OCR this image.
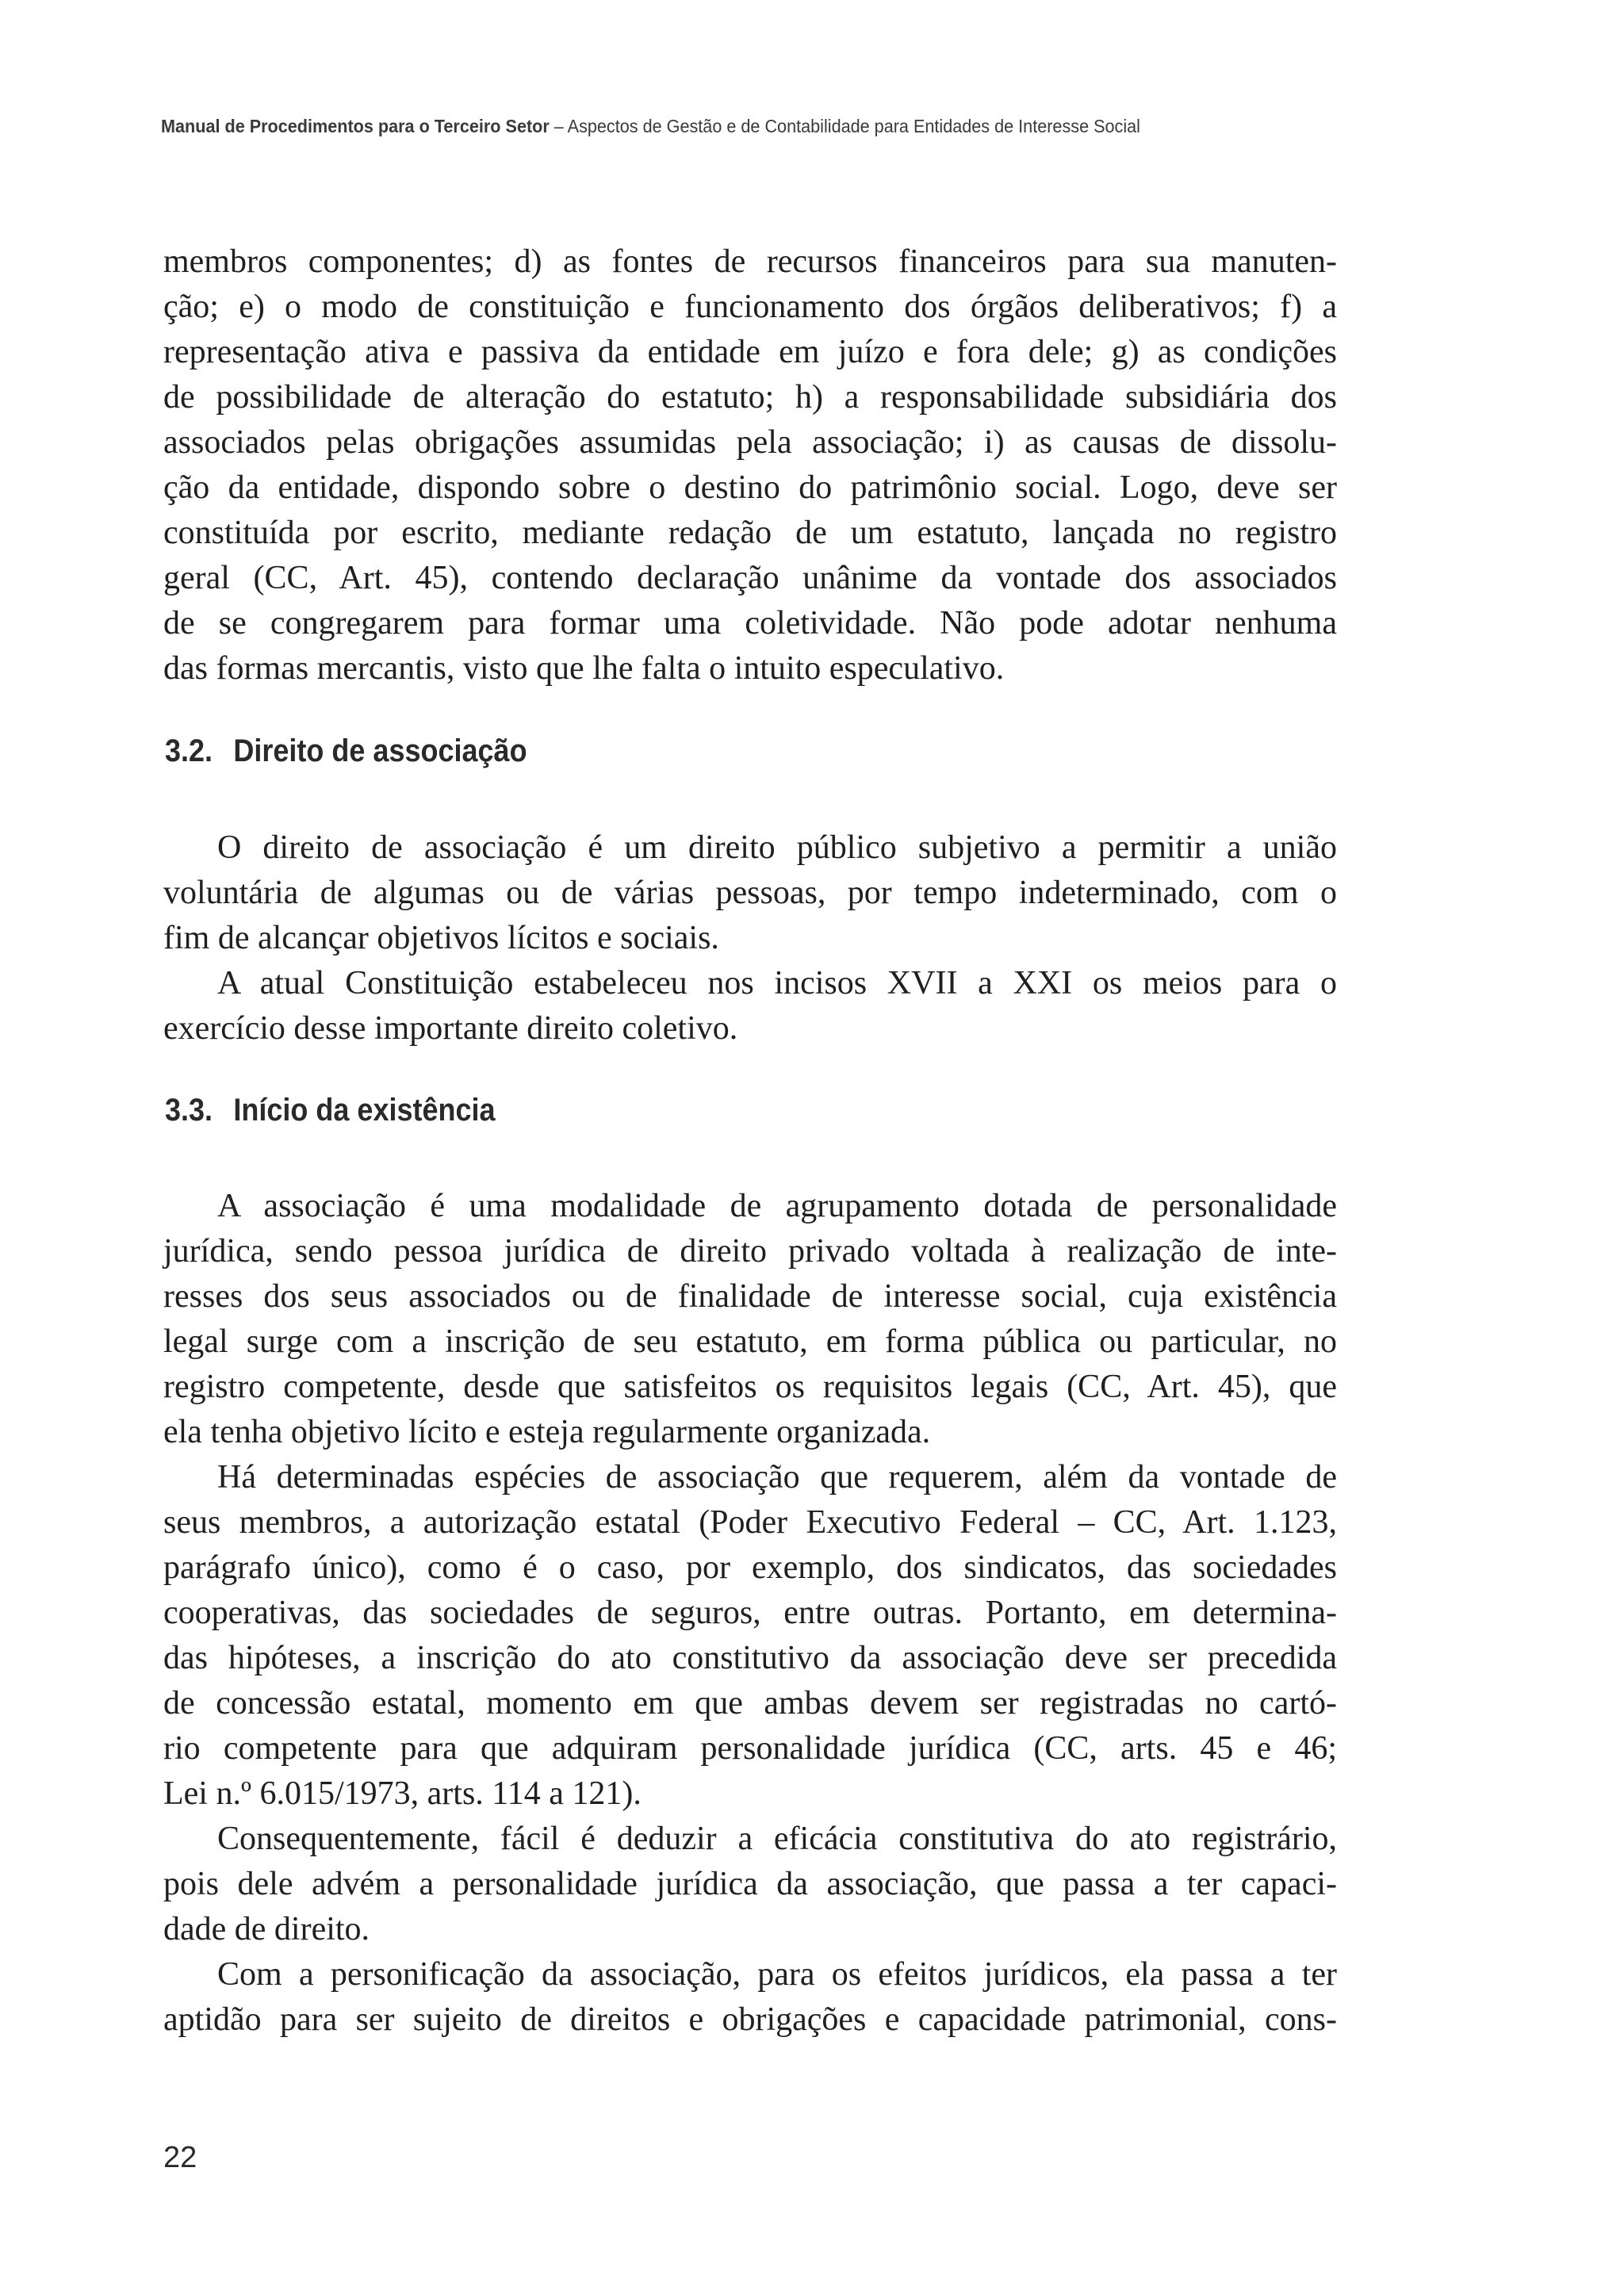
Manual de Procedimentos para o Terceiro Setor – Aspectos de Gestão e de Contabilidade para Entidades de Interesse Social

membros componentes; d) as fontes de recursos financeiros para sua manuten-
ção; e) o modo de constituição e funcionamento dos órgãos deliberativos; f) a
representação ativa e passiva da entidade em juízo e fora dele; g) as condições
de possibilidade de alteração do estatuto; h) a responsabilidade subsidiária dos
associados pelas obrigações assumidas pela associação; i) as causas de dissolu-
ção da entidade, dispondo sobre o destino do patrimônio social. Logo, deve ser
constituída por escrito, mediante redação de um estatuto, lançada no registro
geral (CC, Art. 45), contendo declaração unânime da vontade dos associados
de se congregarem para formar uma coletividade. Não pode adotar nenhuma
das formas mercantis, visto que lhe falta o intuito especulativo.

3.2. Direito de associação

O direito de associação é um direito público subjetivo a permitir a união
voluntária de algumas ou de várias pessoas, por tempo indeterminado, com o
fim de alcançar objetivos lícitos e sociais.
A atual Constituição estabeleceu nos incisos XVII a XXI os meios para o
exercício desse importante direito coletivo.

3.3. Início da existência

A associação é uma modalidade de agrupamento dotada de personalidade
jurídica, sendo pessoa jurídica de direito privado voltada à realização de inte-
resses dos seus associados ou de finalidade de interesse social, cuja existência
legal surge com a inscrição de seu estatuto, em forma pública ou particular, no
registro competente, desde que satisfeitos os requisitos legais (CC, Art. 45), que
ela tenha objetivo lícito e esteja regularmente organizada.
Há determinadas espécies de associação que requerem, além da vontade de
seus membros, a autorização estatal (Poder Executivo Federal – CC, Art. 1.123,
parágrafo único), como é o caso, por exemplo, dos sindicatos, das sociedades
cooperativas, das sociedades de seguros, entre outras. Portanto, em determina-
das hipóteses, a inscrição do ato constitutivo da associação deve ser precedida
de concessão estatal, momento em que ambas devem ser registradas no cartó-
rio competente para que adquiram personalidade jurídica (CC, arts. 45 e 46;
Lei n.º 6.015/1973, arts. 114 a 121).
Consequentemente, fácil é deduzir a eficácia constitutiva do ato registrário,
pois dele advém a personalidade jurídica da associação, que passa a ter capaci-
dade de direito.
Com a personificação da associação, para os efeitos jurídicos, ela passa a ter
aptidão para ser sujeito de direitos e obrigações e capacidade patrimonial, cons-

22
